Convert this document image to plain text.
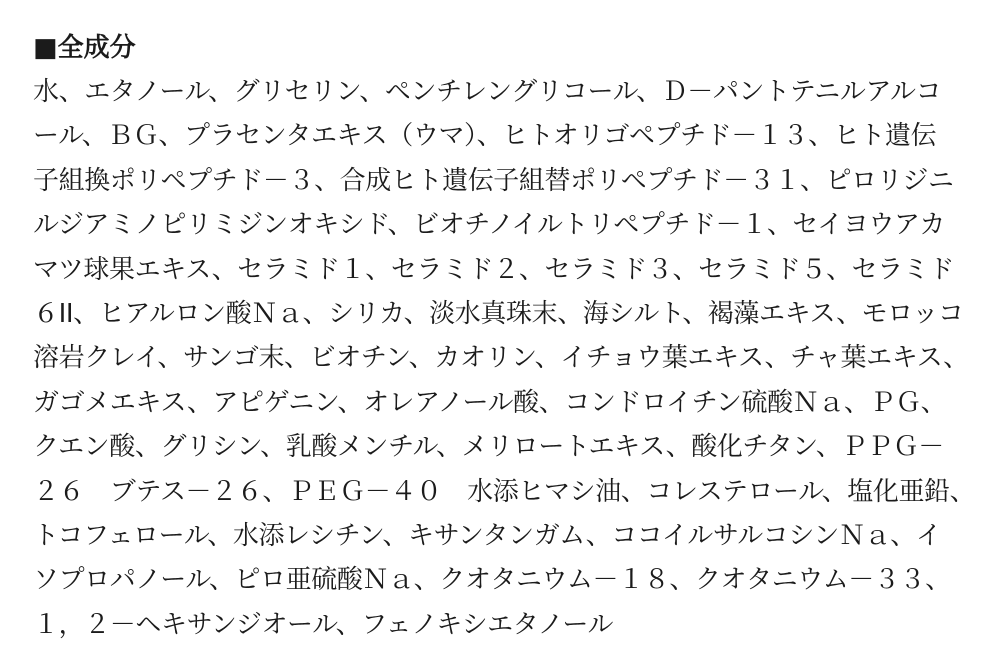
■全成分
水、エタノール、グリセリン、ペンチレングリコール、Ｄ－パントテニルアルコ
ール、ＢＧ、プラセンタエキス（ウマ）、ヒトオリゴペプチド－１３、ヒト遺伝
子組換ポリペプチド－３、合成ヒト遺伝子組替ポリペプチド－３１、ピロリジニ
ルジアミノピリミジンオキシド、ビオチノイルトリペプチド－１、セイヨウアカ
マツ球果エキス、セラミド１、セラミド２、セラミド３、セラミド５、セラミド
６II、ヒアルロン酸Ｎａ、シリカ、淡水真珠末、海シルト、褐藻エキス、モロッコ
溶岩クレイ、サンゴ末、ビオチン、カオリン、イチョウ葉エキス、チャ葉エキス、
ガゴメエキス、アピゲニン、オレアノール酸、コンドロイチン硫酸Ｎａ、ＰＧ、
クエン酸、グリシン、乳酸メンチル、メリロートエキス、酸化チタン、ＰＰＧ－
２６　ブテス－２６、ＰＥＧ－４０　水添ヒマシ油、コレステロール、塩化亜鉛、
トコフェロール、水添レシチン、キサンタンガム、ココイルサルコシンＮａ、イ
ソプロパノール、ピロ亜硫酸Ｎａ、クオタニウム－１８、クオタニウム－３３、
１，２－ヘキサンジオール、フェノキシエタノール
